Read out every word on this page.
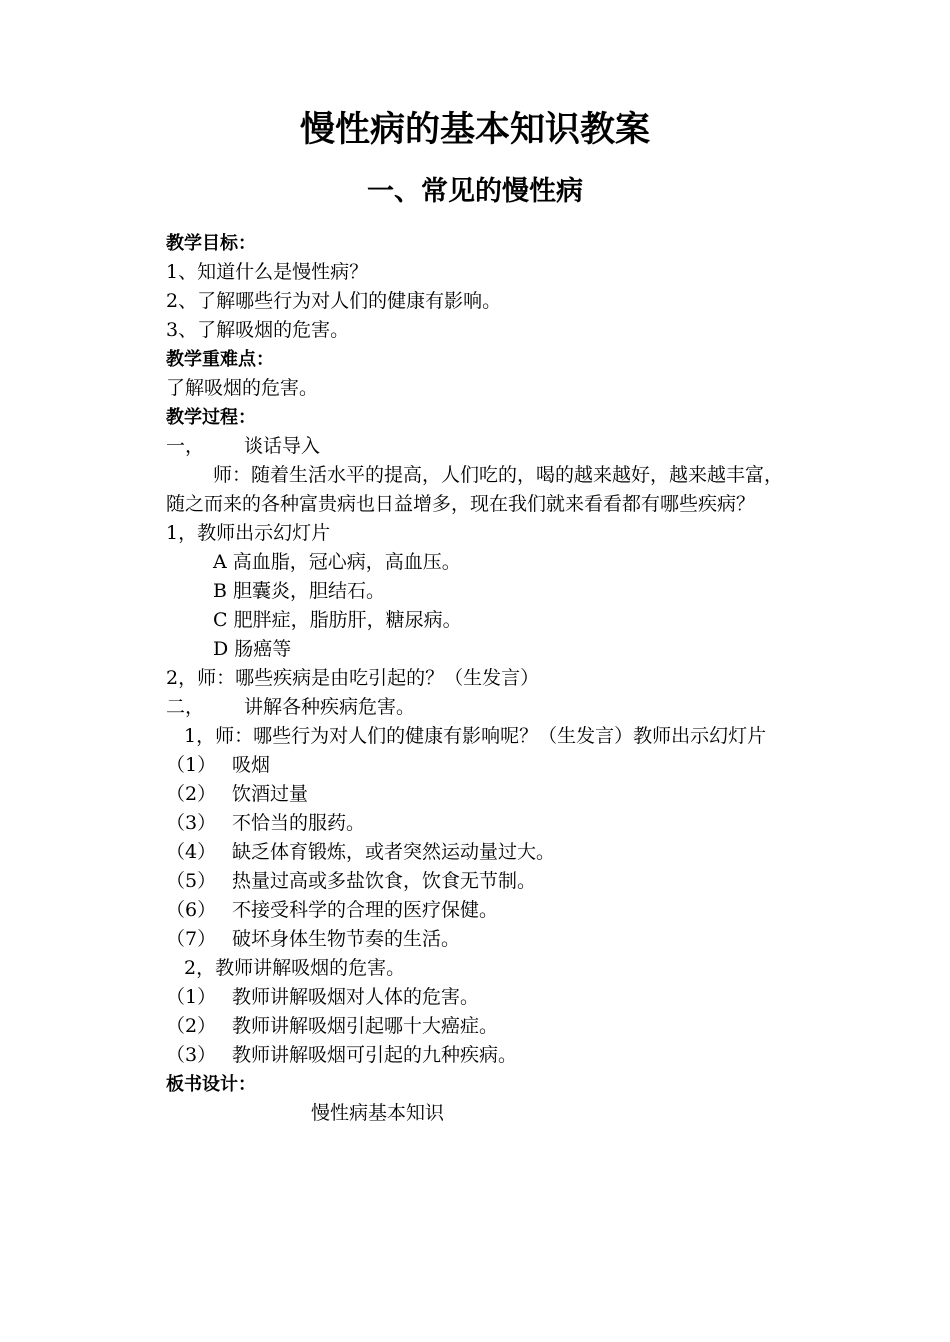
慢性病的基本知识教案
一、常见的慢性病
教学目标：
1、知道什么是慢性病？
2、了解哪些行为对人们的健康有影响。
3、了解吸烟的危害。
教学重难点：
了解吸烟的危害。
教学过程：
一， 谈话导入
师：随着生活水平的提高，人们吃的，喝的越来越好，越来越丰富，随之而来的各种富贵病也日益增多，现在我们就来看看都有哪些疾病？
1，教师出示幻灯片
A 高血脂，冠心病，高血压。
B 胆囊炎，胆结石。
C 肥胖症，脂肪肝，糖尿病。
D 肠癌等
2，师：哪些疾病是由吃引起的？（生发言）
二， 讲解各种疾病危害。
1，师：哪些行为对人们的健康有影响呢？（生发言）教师出示幻灯片
（1） 吸烟
（2） 饮酒过量
（3） 不恰当的服药。
（4） 缺乏体育锻炼，或者突然运动量过大。
（5） 热量过高或多盐饮食，饮食无节制。
（6） 不接受科学的合理的医疗保健。
（7） 破坏身体生物节奏的生活。
2，教师讲解吸烟的危害。
（1） 教师讲解吸烟对人体的危害。
（2） 教师讲解吸烟引起哪十大癌症。
（3） 教师讲解吸烟可引起的九种疾病。
板书设计：
慢性病基本知识
